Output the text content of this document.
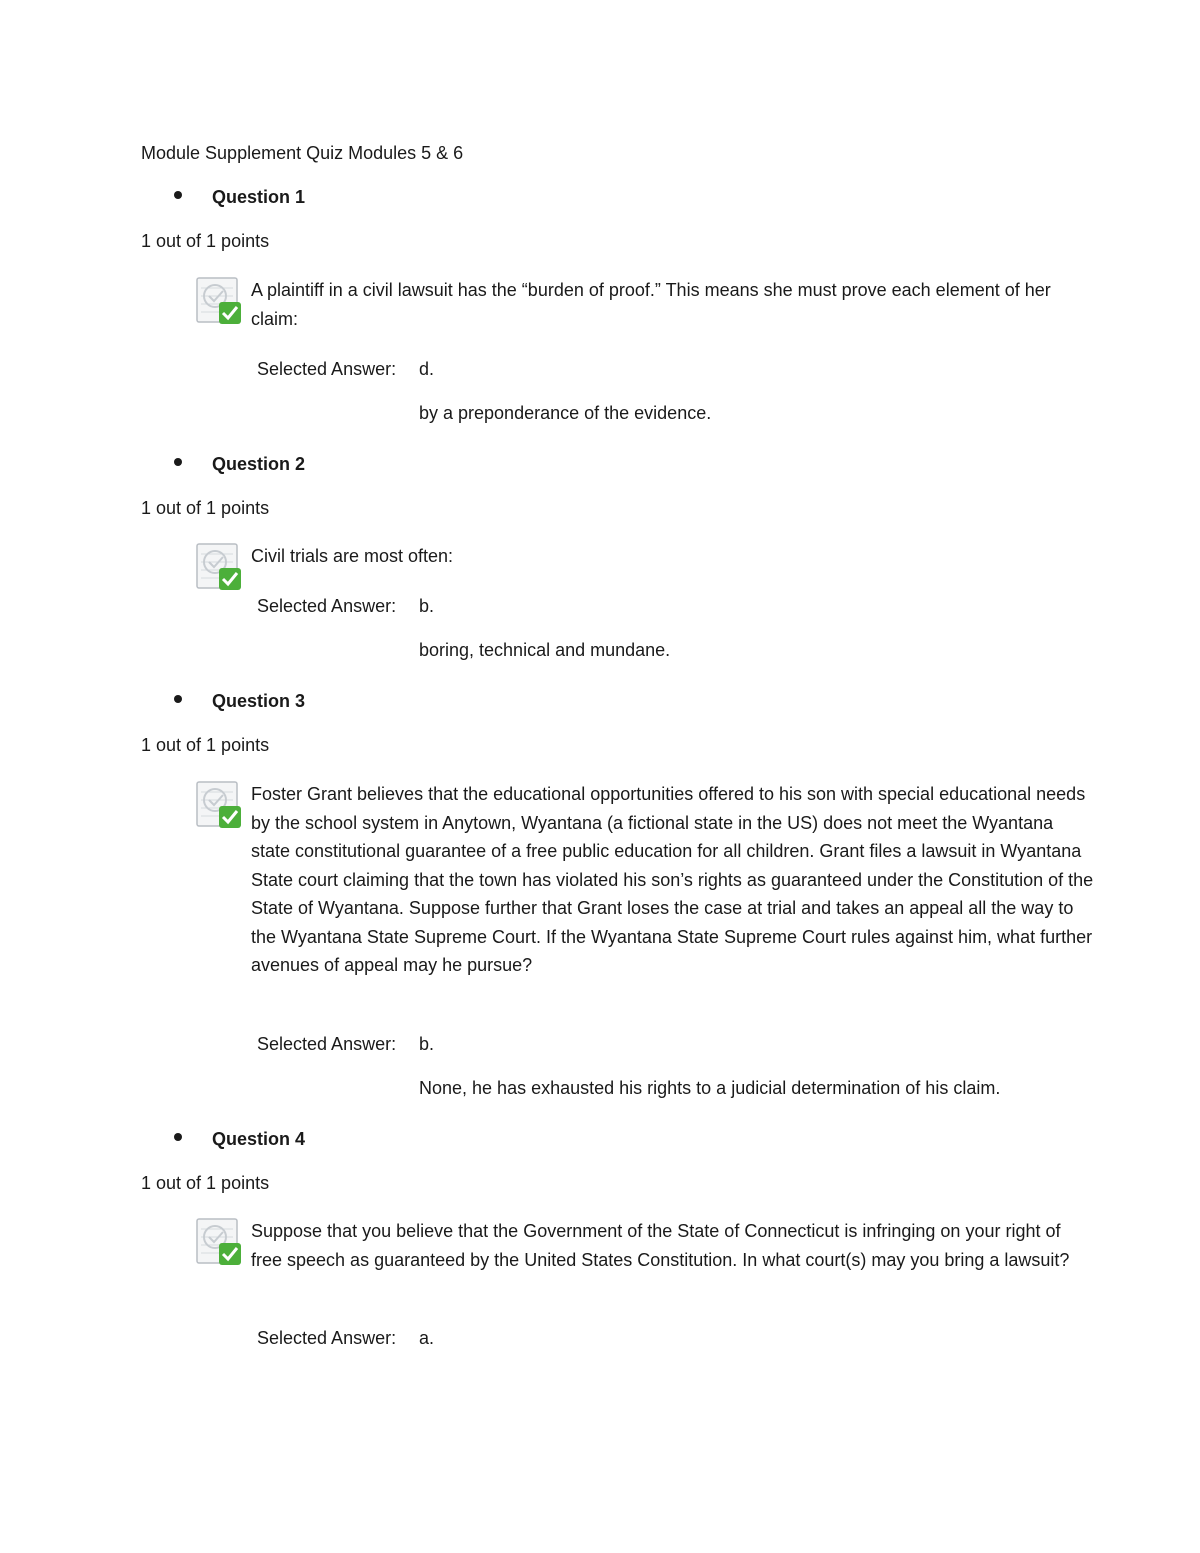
Module Supplement Quiz Modules 5 & 6
Question 1
1 out of 1 points
A plaintiff in a civil lawsuit has the “burden of proof.” This means she must prove each element of her claim:
Selected Answer: d.
by a preponderance of the evidence.
Question 2
1 out of 1 points
Civil trials are most often:
Selected Answer: b.
boring, technical and mundane.
Question 3
1 out of 1 points
Foster Grant believes that the educational opportunities offered to his son with special educational needs by the school system in Anytown, Wyantana (a fictional state in the US) does not meet the Wyantana state constitutional guarantee of a free public education for all children. Grant files a lawsuit in Wyantana State court claiming that the town has violated his son’s rights as guaranteed under the Constitution of the State of Wyantana. Suppose further that Grant loses the case at trial and takes an appeal all the way to the Wyantana State Supreme Court. If the Wyantana State Supreme Court rules against him, what further avenues of appeal may he pursue?
Selected Answer: b.
None, he has exhausted his rights to a judicial determination of his claim.
Question 4
1 out of 1 points
Suppose that you believe that the Government of the State of Connecticut is infringing on your right of free speech as guaranteed by the United States Constitution. In what court(s) may you bring a lawsuit?
Selected Answer: a.
